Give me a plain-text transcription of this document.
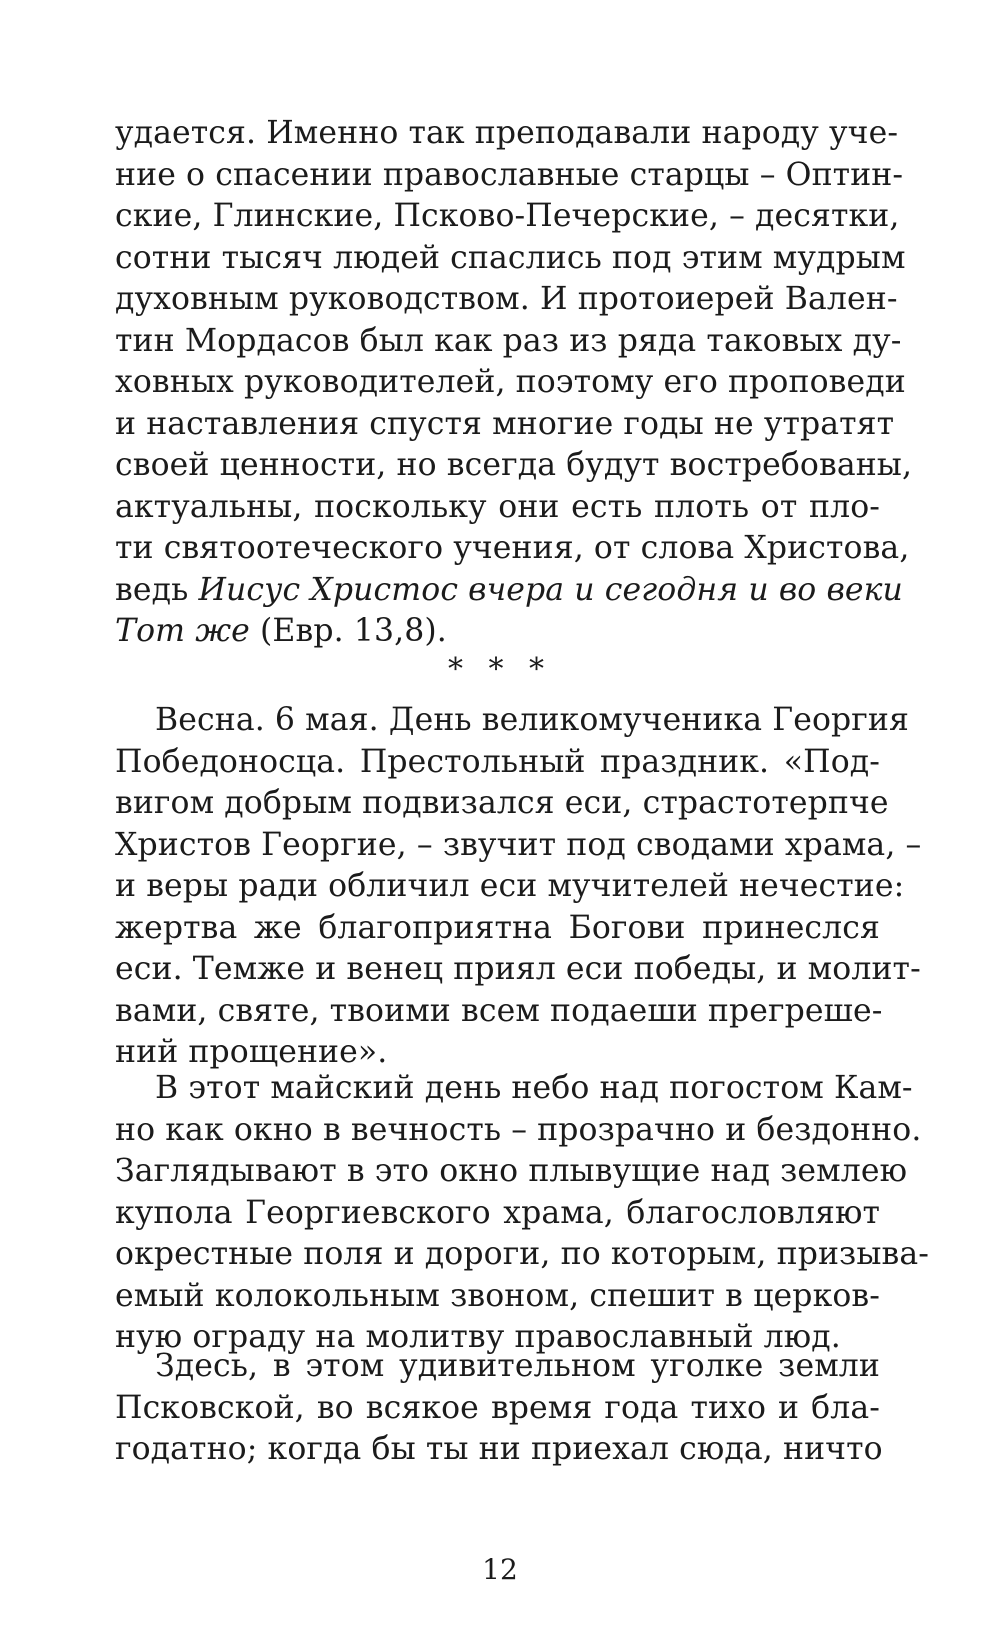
удается. Именно так преподавали народу уче-
ние о спасении православные старцы – Оптин-
ские, Глинские, Псково-Печерские, – десятки,
сотни тысяч людей спаслись под этим мудрым
духовным руководством. И протоиерей Вален-
тин Мордасов был как раз из ряда таковых ду-
ховных руководителей, поэтому его проповеди
и наставления спустя многие годы не утратят
своей ценности, но всегда будут востребованы,
актуальны, поскольку они есть плоть от пло-
ти святоотеческого учения, от слова Христова,
ведь Иисус Христос вчера и сегодня и во веки
Тот же (Евр. 13,8).
* * *
Весна. 6 мая. День великомученика Георгия
Победоносца. Престольный праздник. «Под-
вигом добрым подвизался еси, страстотерпче
Христов Георгие, – звучит под сводами храма, –
и веры ради обличил еси мучителей нечестие:
жертва же благоприятна Богови принеслся
еси. Темже и венец приял еси победы, и молит-
вами, святе, твоими всем подаеши прегреше-
ний прощение».
В этот майский день небо над погостом Кам-
но как окно в вечность – прозрачно и бездонно.
Заглядывают в это окно плывущие над землею
купола Георгиевского храма, благословляют
окрестные поля и дороги, по которым, призыва-
емый колокольным звоном, спешит в церков-
ную ограду на молитву православный люд.
Здесь, в этом удивительном уголке земли
Псковской, во всякое время года тихо и бла-
годатно; когда бы ты ни приехал сюда, ничто
12
